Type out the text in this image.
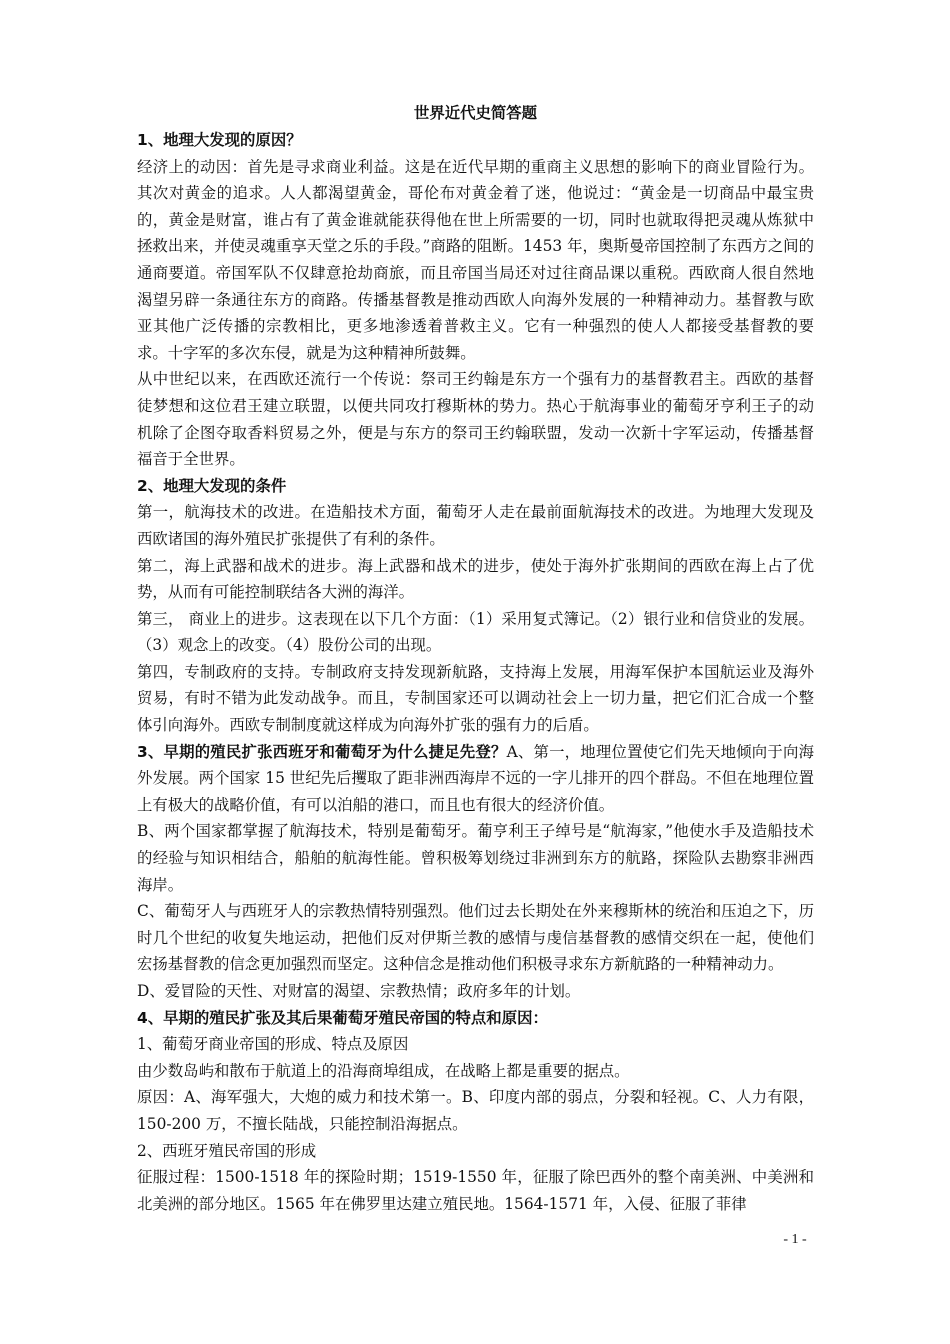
世界近代史简答题

1、地理大发现的原因？

经济上的动因：首先是寻求商业利益。这是在近代早期的重商主义思想的影响下的商业冒险行为。其次对黄金的追求。人人都渴望黄金，哥伦布对黄金着了迷，他说过：“黄金是一切商品中最宝贵的，黄金是财富，谁占有了黄金谁就能获得他在世上所需要的一切，同时也就取得把灵魂从炼狱中拯救出来，并使灵魂重享天堂之乐的手段。”商路的阻断。1453 年，奥斯曼帝国控制了东西方之间的通商要道。帝国军队不仅肆意抢劫商旅，而且帝国当局还对过往商品课以重税。西欧商人很自然地渴望另辟一条通往东方的商路。传播基督教是推动西欧人向海外发展的一种精神动力。基督教与欧亚其他广泛传播的宗教相比，更多地渗透着普救主义。它有一种强烈的使人人都接受基督教的要求。十字军的多次东侵，就是为这种精神所鼓舞。

从中世纪以来，在西欧还流行一个传说：祭司王约翰是东方一个强有力的基督教君主。西欧的基督徒梦想和这位君王建立联盟，以便共同攻打穆斯林的势力。热心于航海事业的葡萄牙亨利王子的动机除了企图夺取香料贸易之外，便是与东方的祭司王约翰联盟，发动一次新十字军运动，传播基督福音于全世界。

2、地理大发现的条件

第一，航海技术的改进。在造船技术方面，葡萄牙人走在最前面航海技术的改进。为地理大发现及西欧诸国的海外殖民扩张提供了有利的条件。

第二，海上武器和战术的进步。海上武器和战术的进步，使处于海外扩张期间的西欧在海上占了优势，从而有可能控制联结各大洲的海洋。

第三， 商业上的进步。这表现在以下几个方面：（1）采用复式簿记。（2）银行业和信贷业的发展。（3）观念上的改变。（4）股份公司的出现。

第四，专制政府的支持。专制政府支持发现新航路，支持海上发展，用海军保护本国航运业及海外贸易，有时不错为此发动战争。而且，专制国家还可以调动社会上一切力量，把它们汇合成一个整体引向海外。西欧专制制度就这样成为向海外扩张的强有力的后盾。

3、早期的殖民扩张西班牙和葡萄牙为什么捷足先登？A、第一，地理位置使它们先天地倾向于向海外发展。两个国家 15 世纪先后攫取了距非洲西海岸不远的一字儿排开的四个群岛。不但在地理位置上有极大的战略价值，有可以泊船的港口，而且也有很大的经济价值。

B、两个国家都掌握了航海技术，特别是葡萄牙。葡亨利王子绰号是“航海家，”他使水手及造船技术的经验与知识相结合，船舶的航海性能。曾积极筹划绕过非洲到东方的航路，探险队去勘察非洲西海岸。

C、葡萄牙人与西班牙人的宗教热情特别强烈。他们过去长期处在外来穆斯林的统治和压迫之下，历时几个世纪的收复失地运动，把他们反对伊斯兰教的感情与虔信基督教的感情交织在一起，使他们宏扬基督教的信念更加强烈而坚定。这种信念是推动他们积极寻求东方新航路的一种精神动力。

D、爱冒险的天性、对财富的渴望、宗教热情；政府多年的计划。

4、早期的殖民扩张及其后果葡萄牙殖民帝国的特点和原因：

1、葡萄牙商业帝国的形成、特点及原因

由少数岛屿和散布于航道上的沿海商埠组成，在战略上都是重要的据点。

原因：A、海军强大，大炮的威力和技术第一。B、印度内部的弱点，分裂和轻视。C、人力有限，150-200 万，不擅长陆战，只能控制沿海据点。

2、西班牙殖民帝国的形成

征服过程：1500-1518 年的探险时期；1519-1550 年，征服了除巴西外的整个南美洲、中美洲和北美洲的部分地区。1565 年在佛罗里达建立殖民地。1564-1571 年，入侵、征服了菲律

- 1 -
